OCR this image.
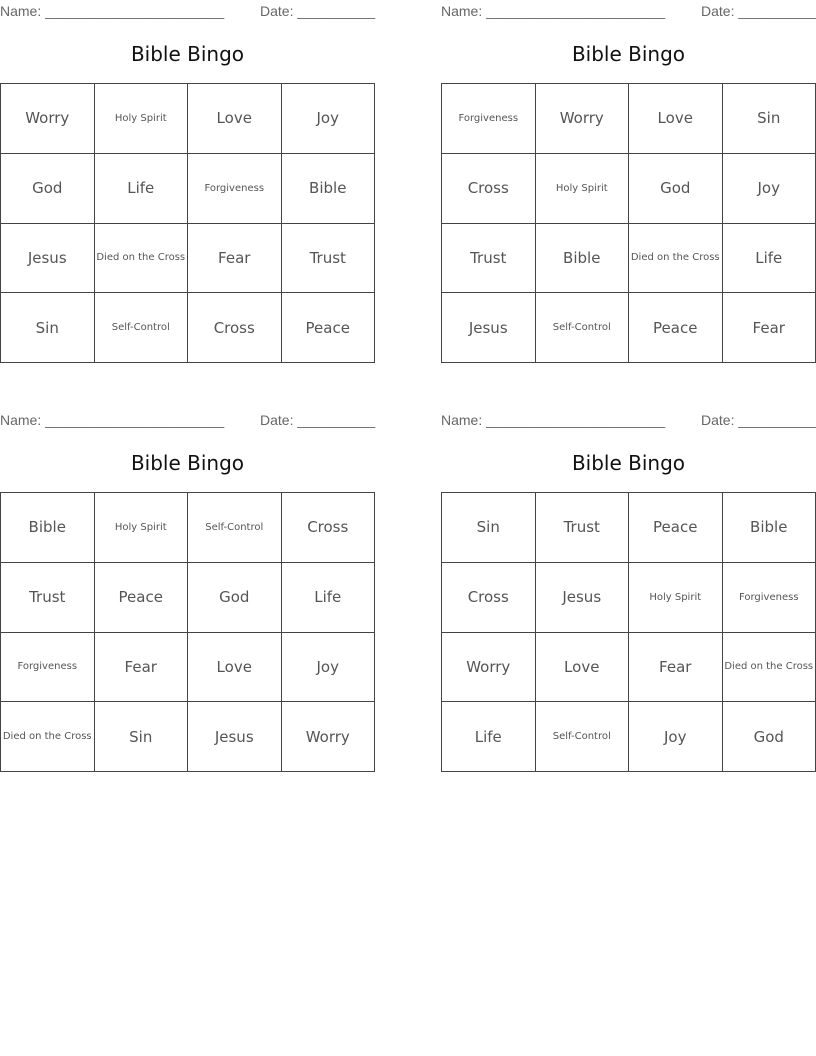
Name: _______________________	Date: __________
Bible Bingo
Worry	Holy Spirit	Love	Joy
God	Life	Forgiveness	Bible
Jesus	Died on the Cross	Fear	Trust
Sin	Self-Control	Cross	Peace
Name: _______________________	Date: __________
Bible Bingo
Forgiveness	Worry	Love	Sin
Cross	Holy Spirit	God	Joy
Trust	Bible	Died on the Cross	Life
Jesus	Self-Control	Peace	Fear
Name: _______________________	Date: __________
Bible Bingo
Bible	Holy Spirit	Self-Control	Cross
Trust	Peace	God	Life
Forgiveness	Fear	Love	Joy
Died on the Cross	Sin	Jesus	Worry
Name: _______________________	Date: __________
Bible Bingo
Sin	Trust	Peace	Bible
Cross	Jesus	Holy Spirit	Forgiveness
Worry	Love	Fear	Died on the Cross
Life	Self-Control	Joy	God
